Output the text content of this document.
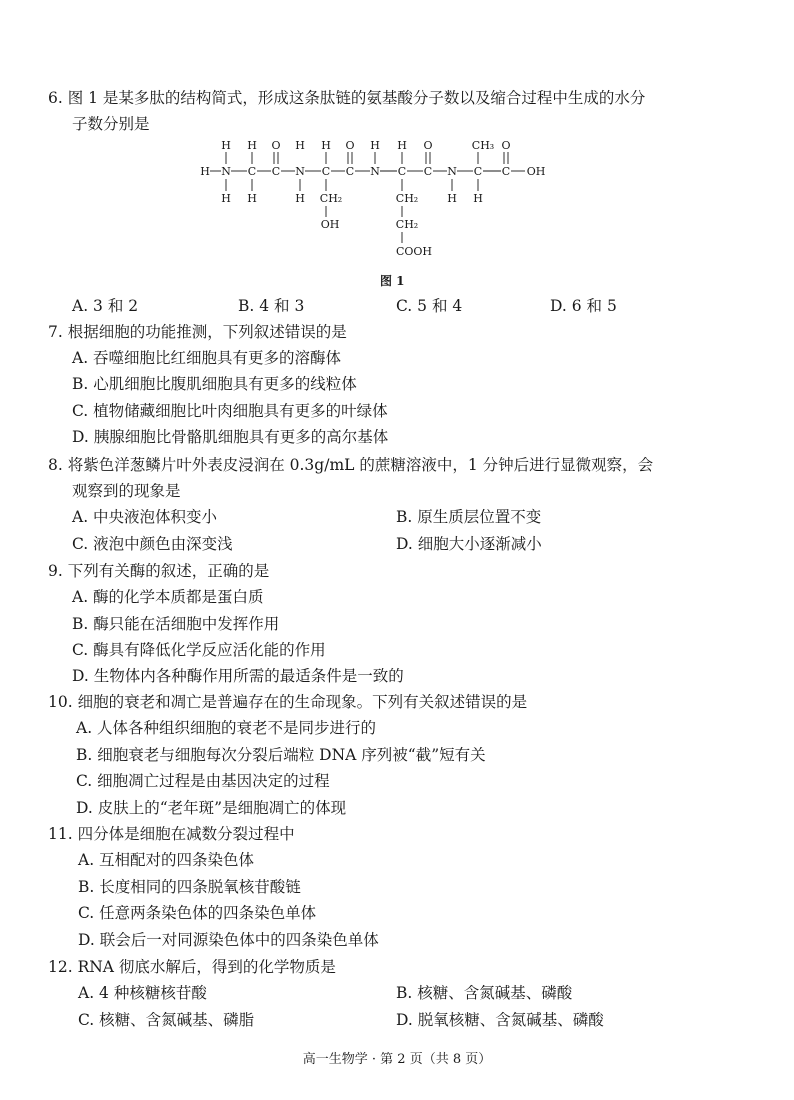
6. 图 1 是某多肽的结构简式，形成这条肽链的氨基酸分子数以及缩合过程中生成的水分
子数分别是
H H O H H O H H O	CH₃ O
H N C C N C C N C C N C C OH
H H	H CH₂	CH₂	H H
OH	CH₂
COOH
图 1
A. 3 和 2	B. 4 和 3	C. 5 和 4	D. 6 和 5
7. 根据细胞的功能推测，下列叙述错误的是
A. 吞噬细胞比红细胞具有更多的溶酶体
B. 心肌细胞比腹肌细胞具有更多的线粒体
C. 植物储藏细胞比叶肉细胞具有更多的叶绿体
D. 胰腺细胞比骨骼肌细胞具有更多的高尔基体
8. 将紫色洋葱鳞片叶外表皮浸润在 0.3g/mL 的蔗糖溶液中，1 分钟后进行显微观察，会
观察到的现象是
A. 中央液泡体积变小	B. 原生质层位置不变
C. 液泡中颜色由深变浅	D. 细胞大小逐渐减小
9. 下列有关酶的叙述，正确的是
A. 酶的化学本质都是蛋白质
B. 酶只能在活细胞中发挥作用
C. 酶具有降低化学反应活化能的作用
D. 生物体内各种酶作用所需的最适条件是一致的
10. 细胞的衰老和凋亡是普遍存在的生命现象。下列有关叙述错误的是
A. 人体各种组织细胞的衰老不是同步进行的
B. 细胞衰老与细胞每次分裂后端粒 DNA 序列被“截”短有关
C. 细胞凋亡过程是由基因决定的过程
D. 皮肤上的“老年斑”是细胞凋亡的体现
11. 四分体是细胞在减数分裂过程中
A. 互相配对的四条染色体
B. 长度相同的四条脱氧核苷酸链
C. 任意两条染色体的四条染色单体
D. 联会后一对同源染色体中的四条染色单体
12. RNA 彻底水解后，得到的化学物质是
A. 4 种核糖核苷酸	B. 核糖、含氮碱基、磷酸
C. 核糖、含氮碱基、磷脂	D. 脱氧核糖、含氮碱基、磷酸
高一生物学 · 第 2 页（共 8 页）
